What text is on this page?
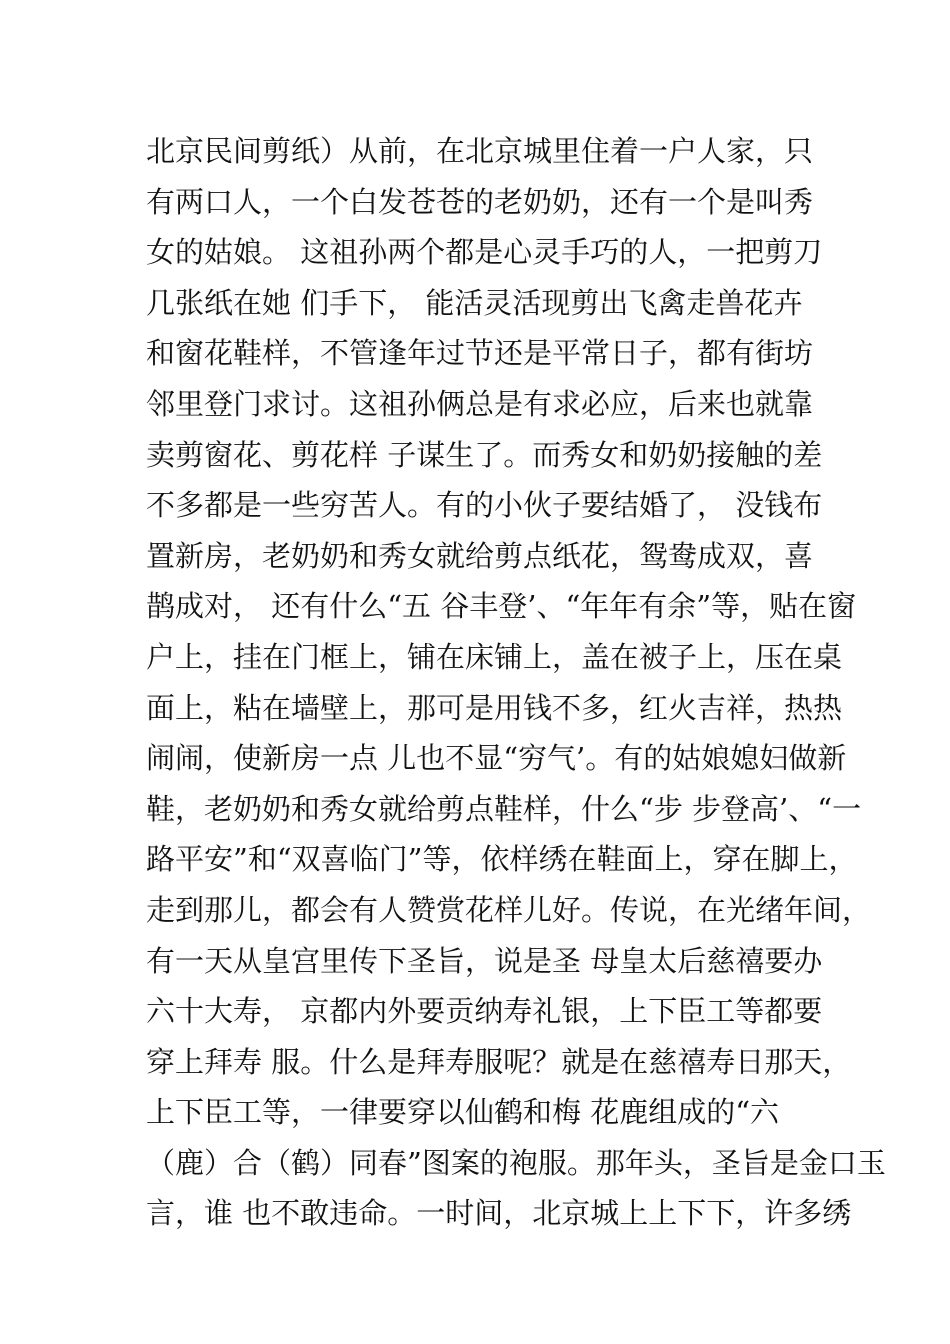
北京民间剪纸）从前，在北京城里住着一户人家，只
有两口人，一个白发苍苍的老奶奶，还有一个是叫秀
女的姑娘。 这祖孙两个都是心灵手巧的人，一把剪刀
几张纸在她 们手下， 能活灵活现剪出飞禽走兽花卉
和窗花鞋样，不管逢年过节还是平常日子，都有街坊
邻里登门求讨。这祖孙俩总是有求必应，后来也就靠
卖剪窗花、剪花样 子谋生了。而秀女和奶奶接触的差
不多都是一些穷苦人。有的小伙子要结婚了， 没钱布
置新房，老奶奶和秀女就给剪点纸花，鸳鸯成双，喜
鹊成对， 还有什么“五 谷丰登’、“年年有余”等，贴在窗
户上，挂在门框上，铺在床铺上，盖在被子上，压在桌
面上，粘在墙壁上，那可是用钱不多，红火吉祥，热热
闹闹，使新房一点 儿也不显“穷气’。有的姑娘媳妇做新
鞋，老奶奶和秀女就给剪点鞋样，什么“步 步登高’、“一
路平安”和“双喜临门”等，依样绣在鞋面上，穿在脚上，
走到那儿，都会有人赞赏花样儿好。传说，在光绪年间，
有一天从皇宫里传下圣旨，说是圣 母皇太后慈禧要办
六十大寿， 京都内外要贡纳寿礼银，上下臣工等都要
穿上拜寿 服。什么是拜寿服呢？就是在慈禧寿日那天，
上下臣工等，一律要穿以仙鹤和梅 花鹿组成的“六
（鹿）合（鹤）同春”图案的袍服。那年头，圣旨是金口玉
言，谁 也不敢违命。一时间，北京城上上下下，许多绣
